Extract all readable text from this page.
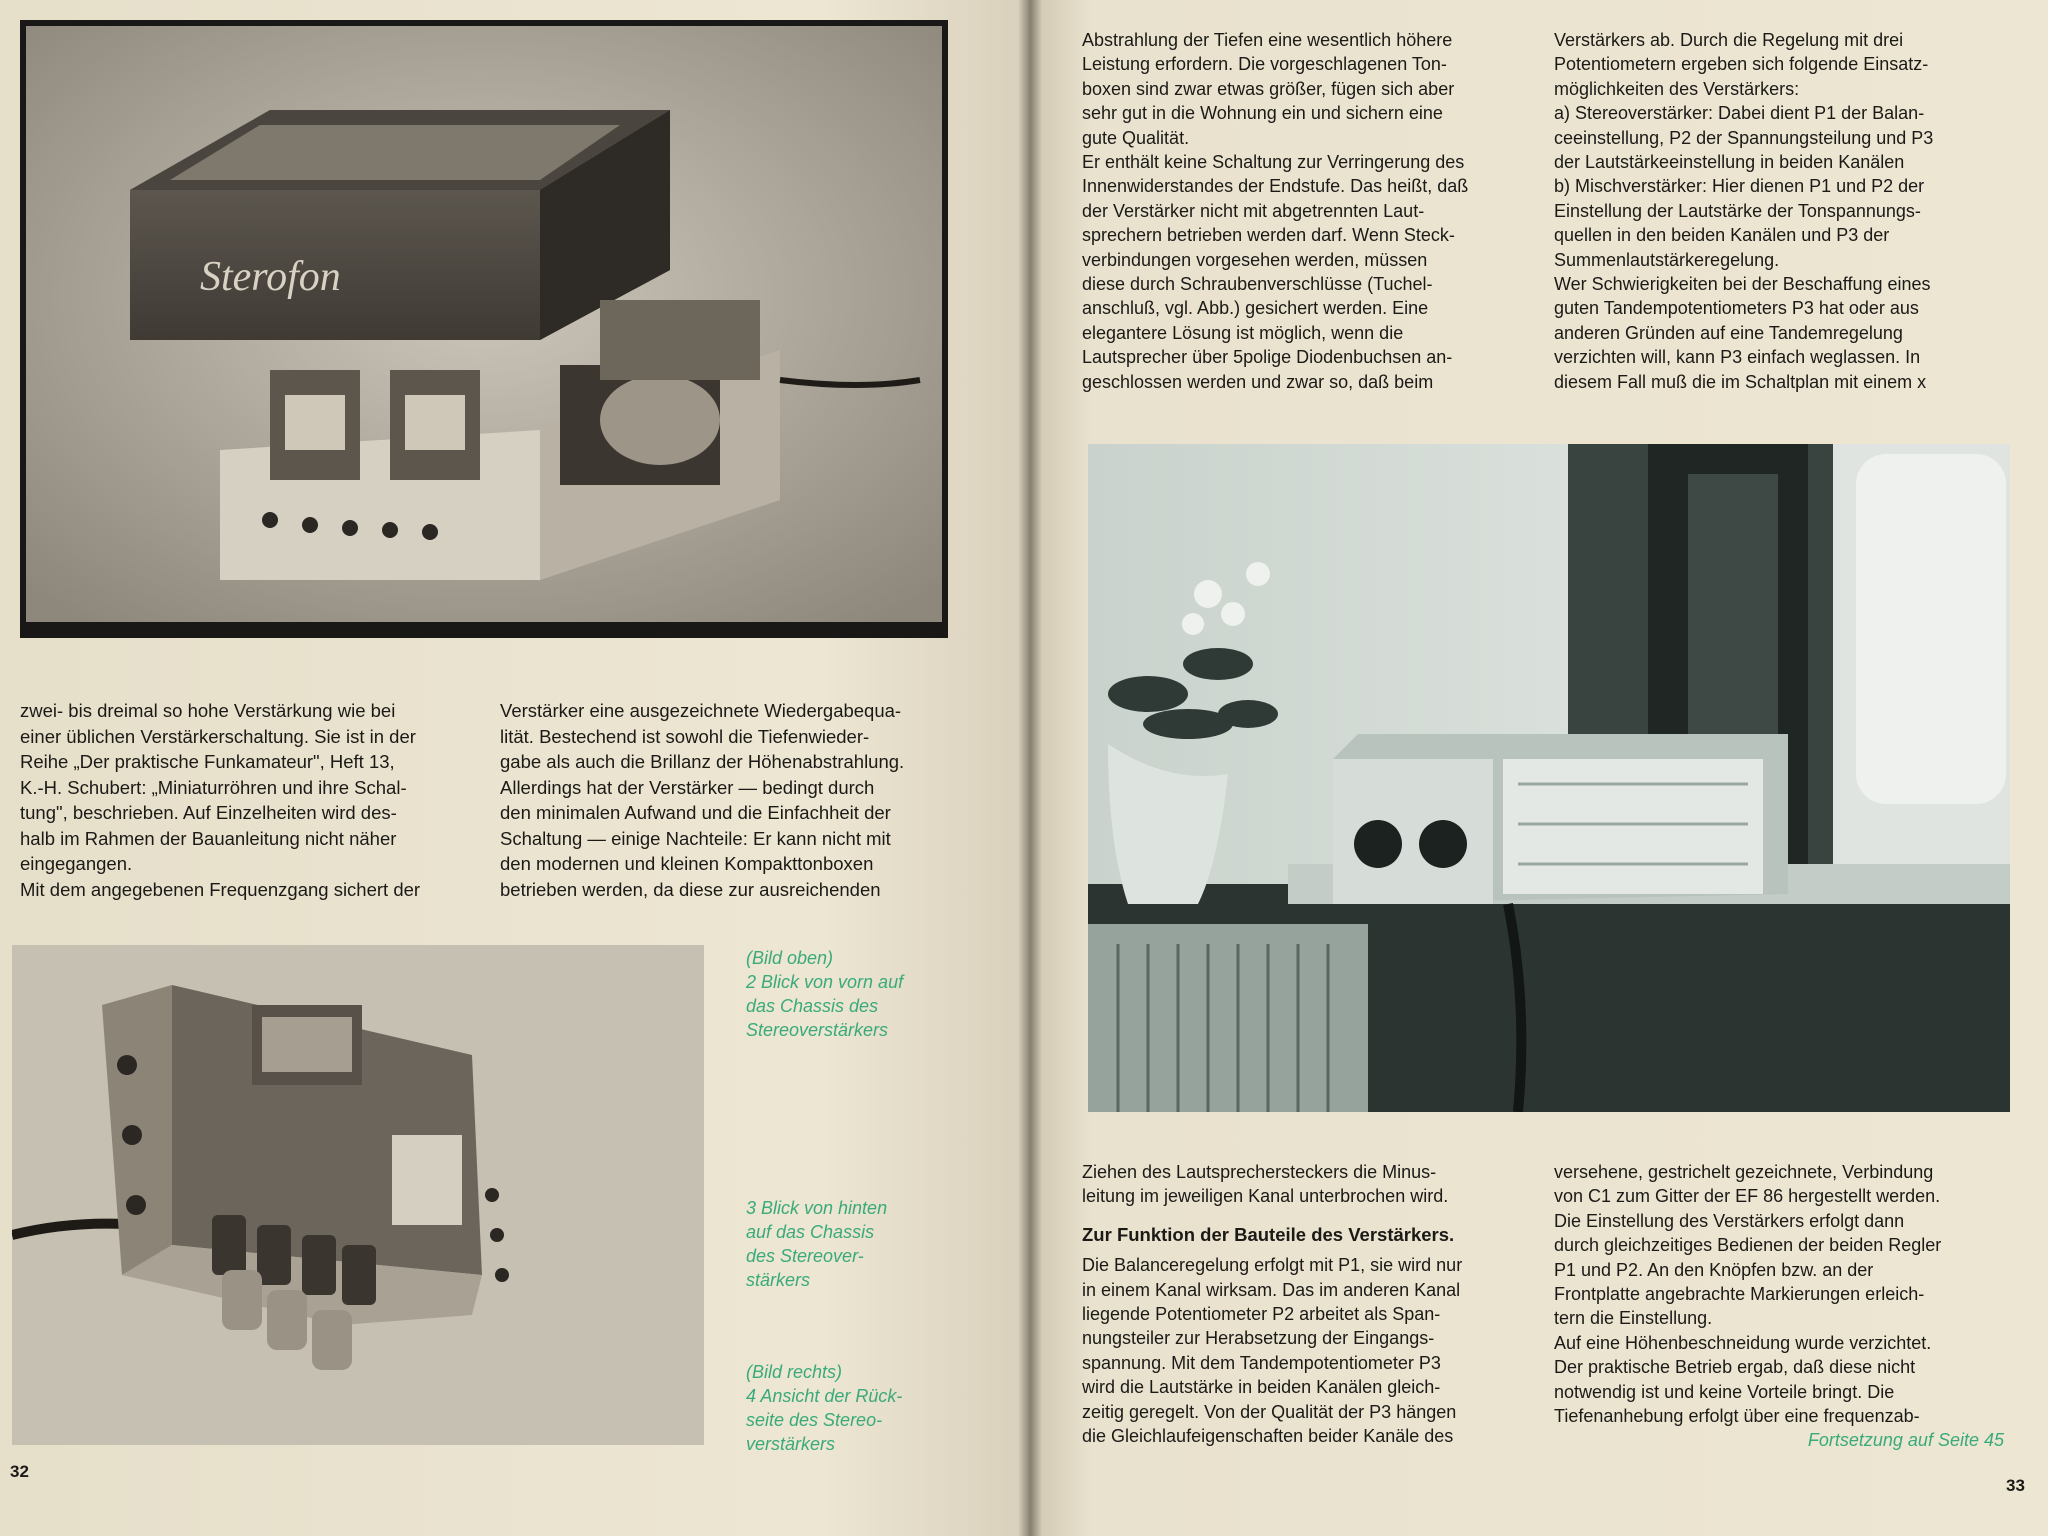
Sterofon
zwei- bis dreimal so hohe Verstärkung wie bei
einer üblichen Verstärkerschaltung. Sie ist in der
Reihe „Der praktische Funkamateur", Heft 13,
K.-H. Schubert: „Miniaturröhren und ihre Schal-
tung", beschrieben. Auf Einzelheiten wird des-
halb im Rahmen der Bauanleitung nicht näher
eingegangen.
Mit dem angegebenen Frequenzgang sichert der
Verstärker eine ausgezeichnete Wiedergabequa-
lität. Bestechend ist sowohl die Tiefenwieder-
gabe als auch die Brillanz der Höhenabstrahlung.
Allerdings hat der Verstärker — bedingt durch
den minimalen Aufwand und die Einfachheit der
Schaltung — einige Nachteile: Er kann nicht mit
den modernen und kleinen Kompakttonboxen
betrieben werden, da diese zur ausreichenden
(Bild oben)
2 Blick von vorn auf
das Chassis des
Stereoverstärkers
3 Blick von hinten
auf das Chassis
des Stereover-
stärkers
(Bild rechts)
4 Ansicht der Rück-
seite des Stereo-
verstärkers
32
Abstrahlung der Tiefen eine wesentlich höhere
Leistung erfordern. Die vorgeschlagenen Ton-
boxen sind zwar etwas größer, fügen sich aber
sehr gut in die Wohnung ein und sichern eine
gute Qualität.
Er enthält keine Schaltung zur Verringerung des
Innenwiderstandes der Endstufe. Das heißt, daß
der Verstärker nicht mit abgetrennten Laut-
sprechern betrieben werden darf. Wenn Steck-
verbindungen vorgesehen werden, müssen
diese durch Schraubenverschlüsse (Tuchel-
anschluß, vgl. Abb.) gesichert werden. Eine
elegantere Lösung ist möglich, wenn die
Lautsprecher über 5polige Diodenbuchsen an-
geschlossen werden und zwar so, daß beim
Verstärkers ab. Durch die Regelung mit drei
Potentiometern ergeben sich folgende Einsatz-
möglichkeiten des Verstärkers:
a) Stereoverstärker: Dabei dient P1 der Balan-
ceeinstellung, P2 der Spannungsteilung und P3
der Lautstärkeeinstellung in beiden Kanälen
b) Mischverstärker: Hier dienen P1 und P2 der
Einstellung der Lautstärke der Tonspannungs-
quellen in den beiden Kanälen und P3 der
Summenlautstärkeregelung.
Wer Schwierigkeiten bei der Beschaffung eines
guten Tandempotentiometers P3 hat oder aus
anderen Gründen auf eine Tandemregelung
verzichten will, kann P3 einfach weglassen. In
diesem Fall muß die im Schaltplan mit einem x
Ziehen des Lautsprechersteckers die Minus-
leitung im jeweiligen Kanal unterbrochen wird.
Zur Funktion der Bauteile des Verstärkers.
Die Balanceregelung erfolgt mit P1, sie wird nur
in einem Kanal wirksam. Das im anderen Kanal
liegende Potentiometer P2 arbeitet als Span-
nungsteiler zur Herabsetzung der Eingangs-
spannung. Mit dem Tandempotentiometer P3
wird die Lautstärke in beiden Kanälen gleich-
zeitig geregelt. Von der Qualität der P3 hängen
die Gleichlaufeigenschaften beider Kanäle des
versehene, gestrichelt gezeichnete, Verbindung
von C1 zum Gitter der EF 86 hergestellt werden.
Die Einstellung des Verstärkers erfolgt dann
durch gleichzeitiges Bedienen der beiden Regler
P1 und P2. An den Knöpfen bzw. an der
Frontplatte angebrachte Markierungen erleich-
tern die Einstellung.
Auf eine Höhenbeschneidung wurde verzichtet.
Der praktische Betrieb ergab, daß diese nicht
notwendig ist und keine Vorteile bringt. Die
Tiefenanhebung erfolgt über eine frequenzab-
Fortsetzung auf Seite 45
33
